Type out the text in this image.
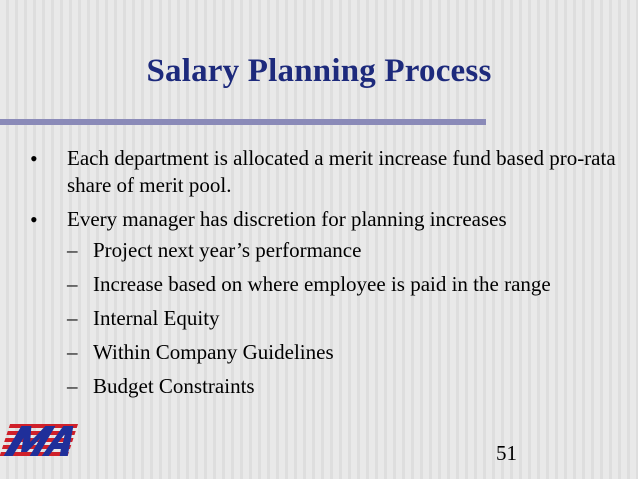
Salary Planning Process
• Each department is allocated a merit increase fund based pro-rata share of merit pool.
• Every manager has discretion for planning increases
– Project next year’s performance
– Increase based on where employee is paid in the range
– Internal Equity
– Within Company Guidelines
– Budget Constraints
51
